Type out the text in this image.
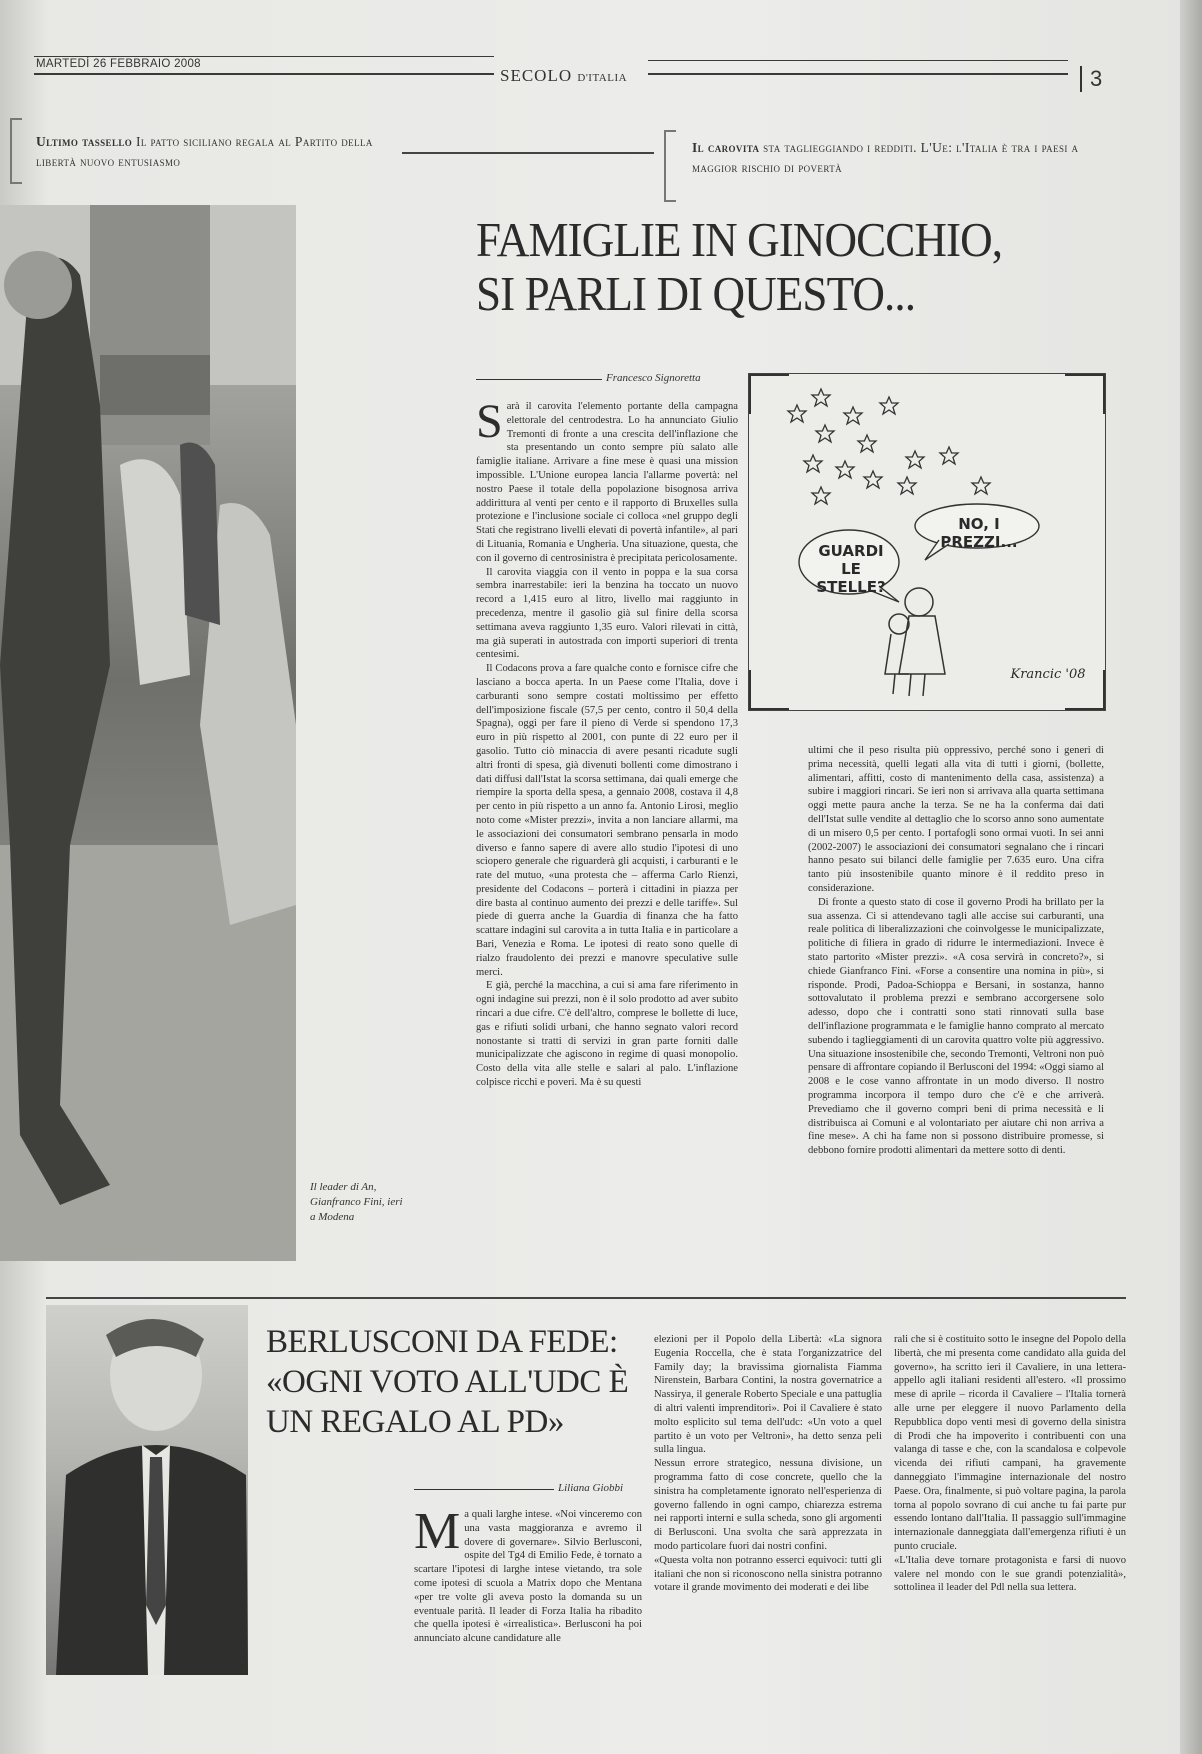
MARTEDÌ 26 FEBBRAIO 2008
SECOLO D'ITALIA	3
Ultimo tassello Il patto siciliano regala al Partito della libertà nuovo entusiasmo
Il carovita sta taglieggiando i redditi. L'Ue: l'Italia è tra i paesi a maggior rischio di povertà
Il leader di An, Gianfranco Fini, ieri a Modena
FAMIGLIE IN GINOCCHIO,
SI PARLI DI QUESTO...
Francesco Signoretta

Sarà il carovita l'elemento portante della campagna elettorale del centrodestra. Lo ha annunciato Giulio Tremonti di fronte a una crescita dell'inflazione che sta presentando un conto sempre più salato alle famiglie italiane. Arrivare a fine mese è quasi una mission impossible. L'Unione europea lancia l'allarme povertà: nel nostro Paese il totale della popolazione bisognosa arriva addirittura al venti per cento e il rapporto di Bruxelles sulla protezione e l'inclusione sociale ci colloca «nel gruppo degli Stati che registrano livelli elevati di povertà infantile», al pari di Lituania, Romania e Ungheria. Una situazione, questa, che con il governo di centrosinistra è precipitata pericolosamente.

Il carovita viaggia con il vento in poppa e la sua corsa sembra inarrestabile: ieri la benzina ha toccato un nuovo record a 1,415 euro al litro, livello mai raggiunto in precedenza, mentre il gasolio già sul finire della scorsa settimana aveva raggiunto 1,35 euro. Valori rilevati in città, ma già superati in autostrada con importi superiori di trenta centesimi.

Il Codacons prova a fare qualche conto e fornisce cifre che lasciano a bocca aperta. In un Paese come l'Italia, dove i carburanti sono sempre costati moltissimo per effetto dell'imposizione fiscale (57,5 per cento, contro il 50,4 della Spagna), oggi per fare il pieno di Verde si spendono 17,3 euro in più rispetto al 2001, con punte di 22 euro per il gasolio. Tutto ciò minaccia di avere pesanti ricadute sugli altri fronti di spesa, già divenuti bollenti come dimostrano i dati diffusi dall'Istat la scorsa settimana, dai quali emerge che riempire la sporta della spesa, a gennaio 2008, costava il 4,8 per cento in più rispetto a un anno fa. Antonio Lirosi, meglio noto come «Mister prezzi», invita a non lanciare allarmi, ma le associazioni dei consumatori sembrano pensarla in modo diverso e fanno sapere di avere allo studio l'ipotesi di uno sciopero generale che riguarderà gli acquisti, i carburanti e le rate del mutuo, «una protesta che – afferma Carlo Rienzi, presidente del Codacons – porterà i cittadini in piazza per dire basta al continuo aumento dei prezzi e delle tariffe». Sul piede di guerra anche la Guardia di finanza che ha fatto scattare indagini sul carovita a in tutta Italia e in particolare a Bari, Venezia e Roma. Le ipotesi di reato sono quelle di rialzo fraudolento dei prezzi e manovre speculative sulle merci.

E già, perché la macchina, a cui si ama fare riferimento in ogni indagine sui prezzi, non è il solo prodotto ad aver subito rincari a due cifre. C'è dell'altro, comprese le bollette di luce, gas e rifiuti solidi urbani, che hanno segnato valori record nonostante si tratti di servizi in gran parte forniti dalle municipalizzate che agiscono in regime di quasi monopolio. Costo della vita alle stelle e salari al palo. L'inflazione colpisce ricchi e poveri. Ma è su questi

NO, I PREZZI...
GUARDI LE STELLE?
Krancic '08

ultimi che il peso risulta più oppressivo, perché sono i generi di prima necessità, quelli legati alla vita di tutti i giorni, (bollette, alimentari, affitti, costo di mantenimento della casa, assistenza) a subire i maggiori rincari. Se ieri non si arrivava alla quarta settimana oggi mette paura anche la terza. Se ne ha la conferma dai dati dell'Istat sulle vendite al dettaglio che lo scorso anno sono aumentate di un misero 0,5 per cento. I portafogli sono ormai vuoti. In sei anni (2002-2007) le associazioni dei consumatori segnalano che i rincari hanno pesato sui bilanci delle famiglie per 7.635 euro. Una cifra tanto più insostenibile quanto minore è il reddito preso in considerazione.

Di fronte a questo stato di cose il governo Prodi ha brillato per la sua assenza. Ci si attendevano tagli alle accise sui carburanti, una reale politica di liberalizzazioni che coinvolgesse le municipalizzate, politiche di filiera in grado di ridurre le intermediazioni. Invece è stato partorito «Mister prezzi». «A cosa servirà in concreto?», si chiede Gianfranco Fini. «Forse a consentire una nomina in più», si risponde. Prodi, Padoa-Schioppa e Bersani, in sostanza, hanno sottovalutato il problema prezzi e sembrano accorgersene solo adesso, dopo che i contratti sono stati rinnovati sulla base dell'inflazione programmata e le famiglie hanno comprato al mercato subendo i taglieggiamenti di un carovita quattro volte più aggressivo. Una situazione insostenibile che, secondo Tremonti, Veltroni non può pensare di affrontare copiando il Berlusconi del 1994: «Oggi siamo al 2008 e le cose vanno affrontate in un modo diverso. Il nostro programma incorpora il tempo duro che c'è e che arriverà. Prevediamo che il governo compri beni di prima necessità e li distribuisca ai Comuni e al volontariato per aiutare chi non arriva a fine mese». A chi ha fame non si possono distribuire promesse, si debbono fornire prodotti alimentari da mettere sotto di denti.

BERLUSCONI DA FEDE: «OGNI VOTO ALL'UDC È UN REGALO AL PD»
Liliana Giobbi

Ma quali larghe intese. «Noi vinceremo con una vasta maggioranza e avremo il dovere di governare». Silvio Berlusconi, ospite del Tg4 di Emilio Fede, è tornato a scartare l'ipotesi di larghe intese vietando, tra sole come ipotesi di scuola a Matrix dopo che Mentana «per tre volte gli aveva posto la domanda su un eventuale parità. Il leader di Forza Italia ha ribadito che quella ipotesi è «irrealistica». Berlusconi ha poi annunciato alcune candidature alle

elezioni per il Popolo della Libertà: «La signora Eugenia Roccella, che è stata l'organizzatrice del Family day; la bravissima giornalista Fiamma Nirenstein, Barbara Contini, la nostra governatrice a Nassirya, il generale Roberto Speciale e una pattuglia di altri valenti imprenditori». Poi il Cavaliere è stato molto esplicito sul tema dell'udc: «Un voto a quel partito è un voto per Veltroni», ha detto senza peli sulla lingua.
Nessun errore strategico, nessuna divisione, un programma fatto di cose concrete, quello che la sinistra ha completamente ignorato nell'esperienza di governo fallendo in ogni campo, chiarezza estrema nei rapporti interni e sulla scheda, sono gli argomenti di Berlusconi. Una svolta che sarà apprezzata in modo particolare fuori dai nostri confini.
«Questa volta non potranno esserci equivoci: tutti gli italiani che non si riconoscono nella sinistra potranno votare il grande movimento dei moderati e dei libe
rali che si è costituito sotto le insegne del Popolo della libertà, che mi presenta come candidato alla guida del governo», ha scritto ieri il Cavaliere, in una lettera-appello agli italiani residenti all'estero. «Il prossimo mese di aprile – ricorda il Cavaliere – l'Italia tornerà alle urne per eleggere il nuovo Parlamento della Repubblica dopo venti mesi di governo della sinistra di Prodi che ha impoverito i contribuenti con una valanga di tasse e che, con la scandalosa e colpevole vicenda dei rifiuti campani, ha gravemente danneggiato l'immagine internazionale del nostro Paese. Ora, finalmente, si può voltare pagina, la parola torna al popolo sovrano di cui anche tu fai parte pur essendo lontano dall'Italia. Il passaggio sull'immagine internazionale danneggiata dall'emergenza rifiuti è un punto cruciale.
«L'Italia deve tornare protagonista e farsi di nuovo valere nel mondo con le sue grandi potenzialità», sottolinea il leader del Pdl nella sua lettera.
